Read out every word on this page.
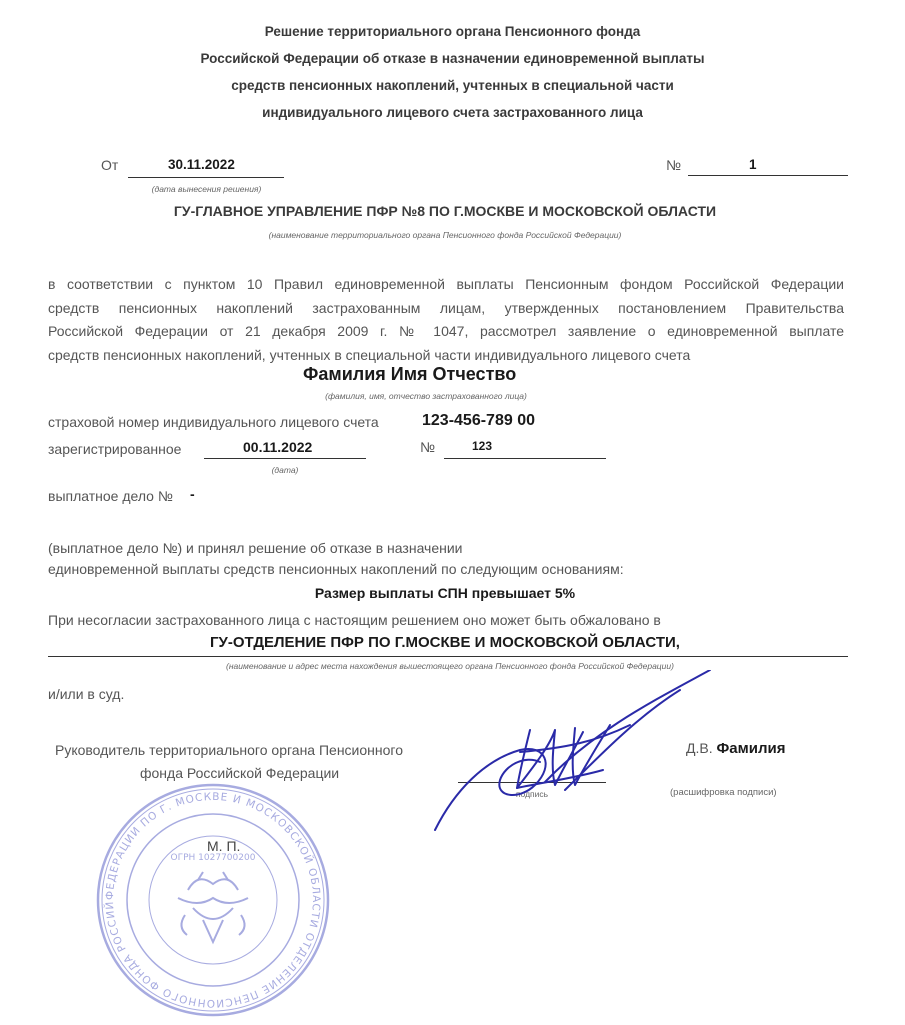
Решение территориального органа Пенсионного фонда
Российской Федерации об отказе в назначении единовременной выплаты
средств пенсионных накоплений, учтенных в специальной части
индивидуального лицевого счета застрахованного лица
От	30.11.2022
(дата вынесения решения)
№	1
ГУ-ГЛАВНОЕ УПРАВЛЕНИЕ ПФР №8 ПО Г.МОСКВЕ И МОСКОВСКОЙ ОБЛАСТИ
(наименование территориального органа Пенсионного фонда Российской Федерации)
в соответствии с пунктом 10 Правил единовременной выплаты Пенсионным фондом Российской Федерации
средств пенсионных накоплений застрахованным лицам, утвержденных постановлением Правительства
Российской Федерации от 21 декабря 2009 г. № 1047, рассмотрел заявление о единовременной выплате
средств пенсионных накоплений, учтенных в специальной части индивидуального лицевого счета
Фамилия Имя Отчество
(фамилия, имя, отчество застрахованного лица)
страховой номер индивидуального лицевого счета	123-456-789 00
зарегистрированное	00.11.2022
(дата)
№	123
выплатное дело № -
(выплатное дело №) и принял решение об отказе в назначении
единовременной выплаты средств пенсионных накоплений по следующим основаниям:
Размер выплаты СПН превышает 5%
При несогласии застрахованного лица с настоящим решением оно может быть обжаловано в
ГУ-ОТДЕЛЕНИЕ ПФР ПО Г.МОСКВЕ И МОСКОВСКОЙ ОБЛАСТИ,
(наименование и адрес места нахождения вышестоящего органа Пенсионного фонда Российской Федерации)
и/или в суд.
Руководитель территориального органа Пенсионного
фонда Российской Федерации
подпись
Д.В. Фамилия
(расшифровка подписи)
ФЕДЕРАЦИИ ПО Г. МОСКВЕ И МОСКОВСКОЙ ОБЛАСТИ ОТДЕЛЕНИЕ ПЕНСИОННОГО ФОНДА РОССИЙ
ОГРН 1027700200
М. П.
